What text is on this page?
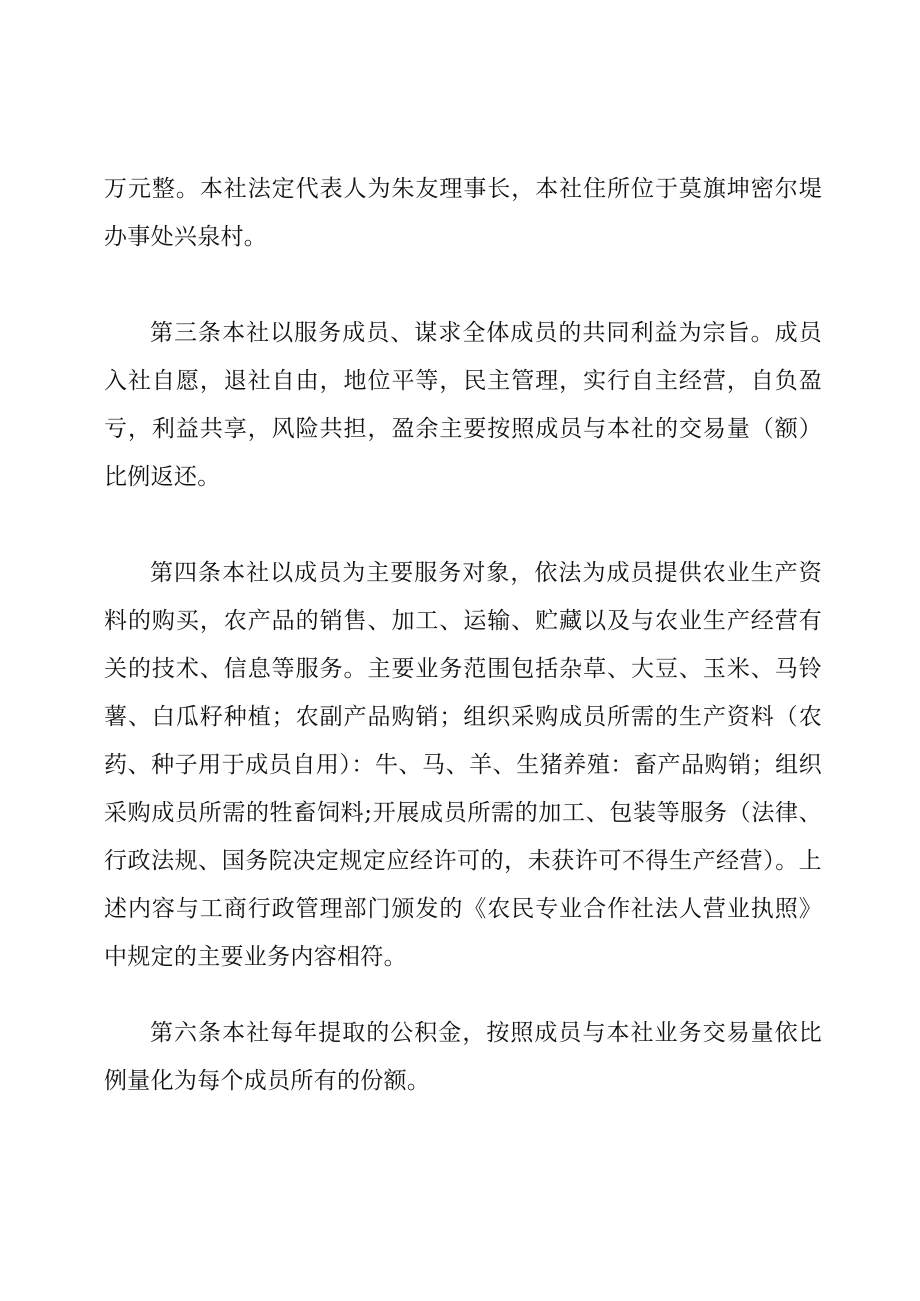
万元整。本社法定代表人为朱友理事长，本社住所位于莫旗坤密尔堤办事处兴泉村。

第三条本社以服务成员、谋求全体成员的共同利益为宗旨。成员入社自愿，退社自由，地位平等，民主管理，实行自主经营，自负盈亏，利益共享，风险共担，盈余主要按照成员与本社的交易量（额）比例返还。

第四条本社以成员为主要服务对象，依法为成员提供农业生产资料的购买，农产品的销售、加工、运输、贮藏以及与农业生产经营有关的技术、信息等服务。主要业务范围包括杂草、大豆、玉米、马铃薯、白瓜籽种植；农副产品购销；组织采购成员所需的生产资料（农药、种子用于成员自用）：牛、马、羊、生猪养殖：畜产品购销；组织采购成员所需的牲畜饲料;开展成员所需的加工、包装等服务（法律、行政法规、国务院决定规定应经许可的，未获许可不得生产经营）。上述内容与工商行政管理部门颁发的《农民专业合作社法人营业执照》中规定的主要业务内容相符。

第六条本社每年提取的公积金，按照成员与本社业务交易量依比例量化为每个成员所有的份额。
